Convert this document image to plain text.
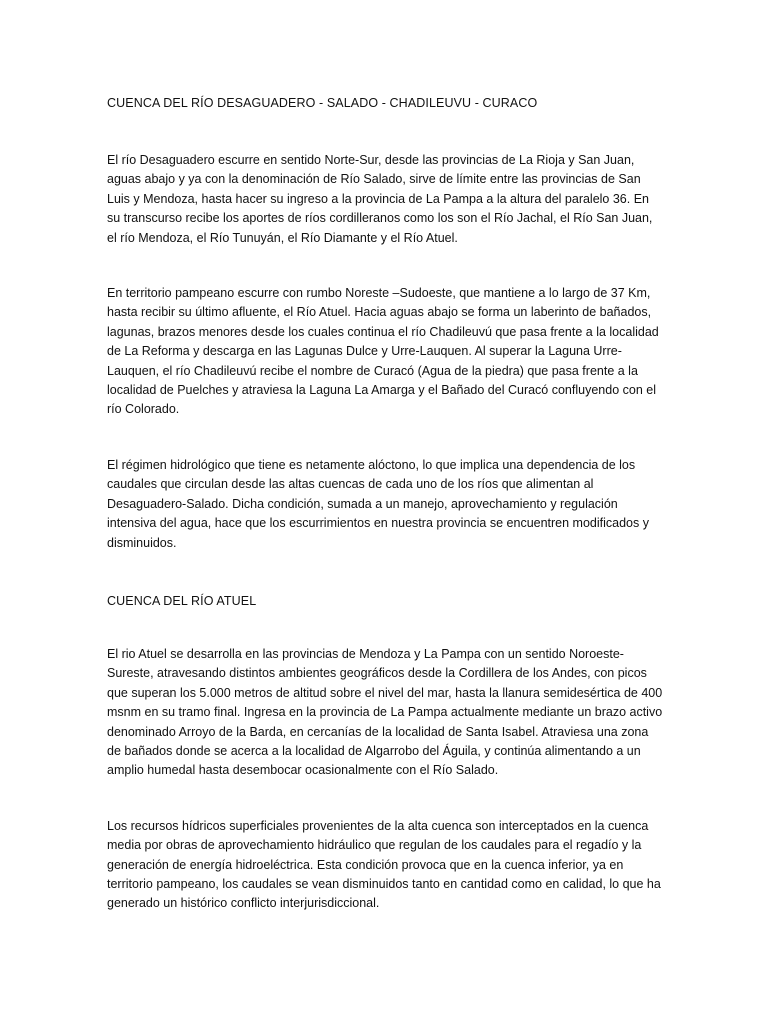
CUENCA DEL RÍO DESAGUADERO - SALADO - CHADILEUVU - CURACO

El río Desaguadero escurre en sentido Norte-Sur, desde las provincias de La Rioja y San Juan, aguas abajo y ya con la denominación de Río Salado, sirve de límite entre las provincias de San Luis y Mendoza, hasta hacer su ingreso a la provincia de La Pampa a la altura del paralelo 36. En su transcurso recibe los aportes de ríos cordilleranos como los son el Río Jachal, el Río San Juan, el río Mendoza, el Río Tunuyán, el Río Diamante y el Río Atuel.

En territorio pampeano escurre con rumbo Noreste –Sudoeste, que mantiene a lo largo de 37 Km, hasta recibir su último afluente, el Río Atuel. Hacia aguas abajo se forma un laberinto de bañados, lagunas, brazos menores desde los cuales continua el río Chadileuvú que pasa frente a la localidad de La Reforma y descarga en las Lagunas Dulce y Urre-Lauquen. Al superar la Laguna Urre-Lauquen, el río Chadileuvú recibe el nombre de Curacó (Agua de la piedra) que pasa frente a la localidad de Puelches y atraviesa la Laguna La Amarga y el Bañado del Curacó confluyendo con el río Colorado.

El régimen hidrológico que tiene es netamente alóctono, lo que implica una dependencia de los caudales que circulan desde las altas cuencas de cada uno de los ríos que alimentan al Desaguadero-Salado. Dicha condición, sumada a un manejo, aprovechamiento y regulación intensiva del agua, hace que los escurrimientos en nuestra provincia se encuentren modificados y disminuidos.

CUENCA DEL RÍO ATUEL

El rio Atuel se desarrolla en las provincias de Mendoza y La Pampa con un sentido Noroeste-Sureste, atravesando distintos ambientes geográficos desde la Cordillera de los Andes, con picos que superan los 5.000 metros de altitud sobre el nivel del mar, hasta la llanura semidesértica de 400 msnm en su tramo final. Ingresa en la provincia de La Pampa actualmente mediante un brazo activo denominado Arroyo de la Barda, en cercanías de la localidad de Santa Isabel. Atraviesa una zona de bañados donde se acerca a la localidad de Algarrobo del Águila, y continúa alimentando a un amplio humedal hasta desembocar ocasionalmente con el Río Salado.

Los recursos hídricos superficiales provenientes de la alta cuenca son interceptados en la cuenca media por obras de aprovechamiento hidráulico que regulan de los caudales para el regadío y la generación de energía hidroeléctrica. Esta condición provoca que en la cuenca inferior, ya en territorio pampeano, los caudales se vean disminuidos tanto en cantidad como en calidad, lo que ha generado un histórico conflicto interjurisdiccional.
